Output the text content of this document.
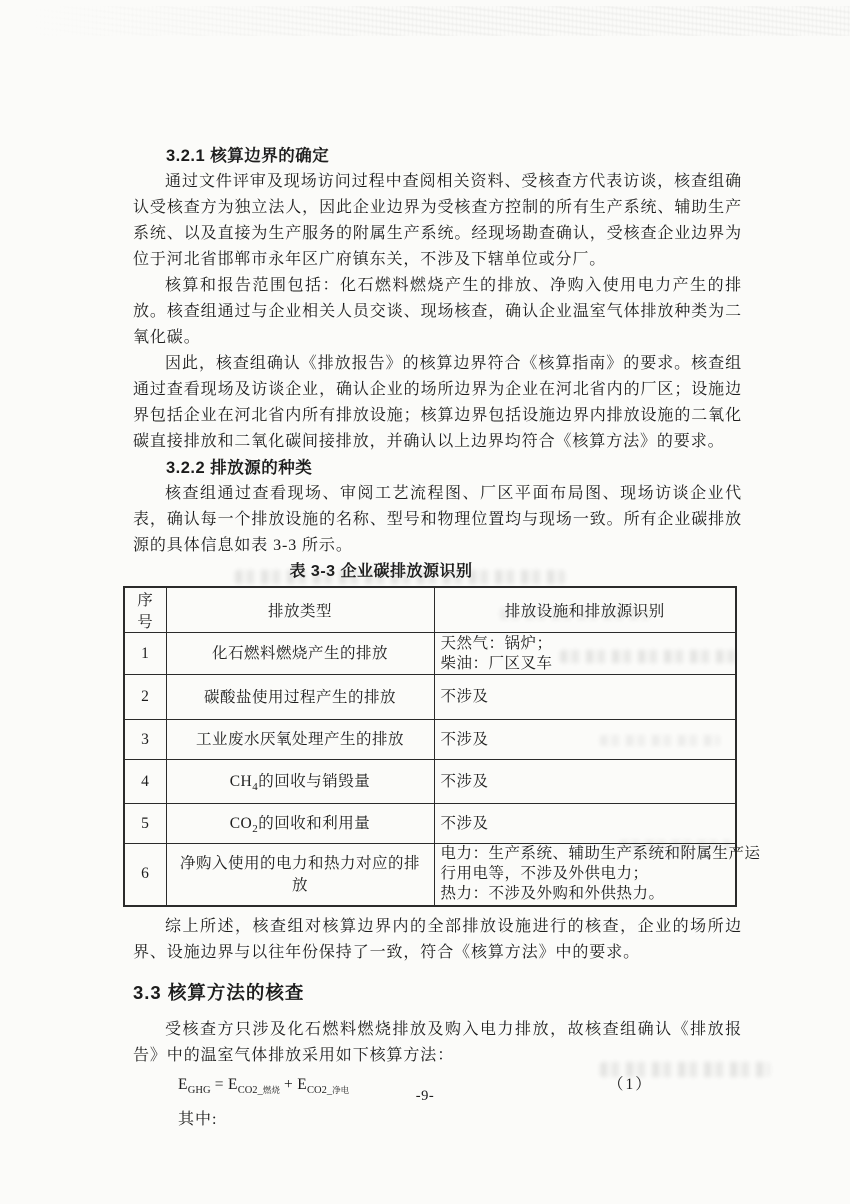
3.2.1 核算边界的确定

通过文件评审及现场访问过程中查阅相关资料、受核查方代表访谈，核查组确认受核查方为独立法人，因此企业边界为受核查方控制的所有生产系统、辅助生产系统、以及直接为生产服务的附属生产系统。经现场勘查确认，受核查企业边界为位于河北省邯郸市永年区广府镇东关，不涉及下辖单位或分厂。

核算和报告范围包括：化石燃料燃烧产生的排放、净购入使用电力产生的排放。核查组通过与企业相关人员交谈、现场核查，确认企业温室气体排放种类为二氧化碳。

因此，核查组确认《排放报告》的核算边界符合《核算指南》的要求。核查组通过查看现场及访谈企业，确认企业的场所边界为企业在河北省内的厂区；设施边界包括企业在河北省内所有排放设施；核算边界包括设施边界内排放设施的二氧化碳直接排放和二氧化碳间接排放，并确认以上边界均符合《核算方法》的要求。

3.2.2 排放源的种类

核查组通过查看现场、审阅工艺流程图、厂区平面布局图、现场访谈企业代表，确认每一个排放设施的名称、型号和物理位置均与现场一致。所有企业碳排放源的具体信息如表 3-3 所示。

表 3-3 企业碳排放源识别
序号	排放类型	排放设施和排放源识别
1	化石燃料燃烧产生的排放	天然气：锅炉；
柴油：厂区叉车

2	碳酸盐使用过程产生的排放	不涉及

3	工业废水厌氧处理产生的排放	不涉及

4	$CH_4$的回收与销毁量	不涉及

5	$CO_2$的回收和利用量	不涉及

6	净购入使用的电力和热力对应的排放	电力：生产系统、辅助生产系统和附属生产运
行用电等，不涉及外供电力；
热力：不涉及外购和外供热力。

综上所述，核查组对核算边界内的全部排放设施进行的核查，企业的场所边界、设施边界与以往年份保持了一致，符合《核算方法》中的要求。

3.3 核算方法的核查

受核查方只涉及化石燃料燃烧排放及购入电力排放，故核查组确认《排放报告》中的温室气体排放采用如下核算方法：

$E_{GHG} = E_{CO2\_燃烧} + E_{CO2\_净电}$	（1）
其中:
-9-
